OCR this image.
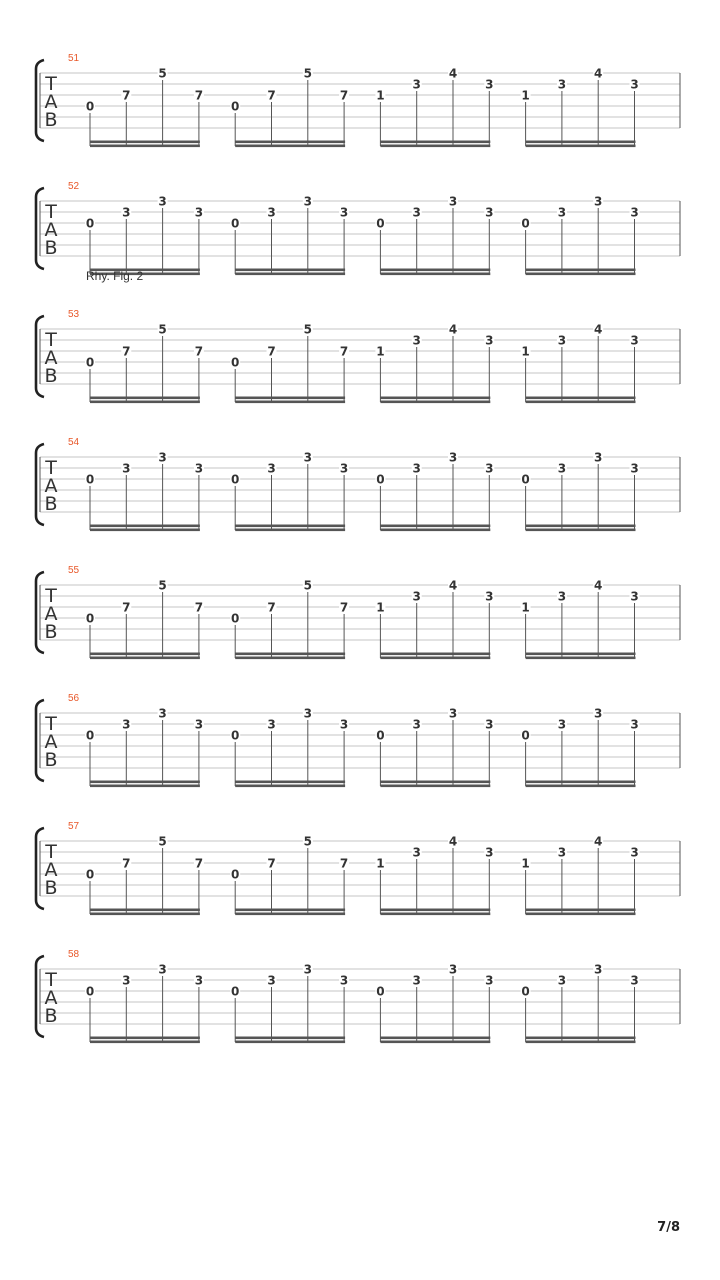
51
T
A
B
0
7
5
7
0
7
5
7 1
3
4
3
1
3
4
3
52
T
A
B
0
3
3
3
0
3
3
3
0
3
3
3
0
3
3
3
Rhy. Fig. 2
53
T
A
B
0
7
5
7
0
7
5
7 1
3
4
3
1
3
4
3
54
T
A
B
0
3
3
3
0
3
3
3
0
3
3
3
0
3
3
3
55
T
A
B
0
7
5
7
0
7
5
7 1
3
4
3
1
3
4
3
56
T
A
B
0
3
3
3
0
3
3
3
0
3
3
3
0
3
3
3
57
T
A
B
0
7
5
7
0
7
5
7 1
3
4
3
1
3
4
3
58
T
A
B
0
3
3
3
0
3
3
3
0
3
3
3
0
3
3
3
7/8
